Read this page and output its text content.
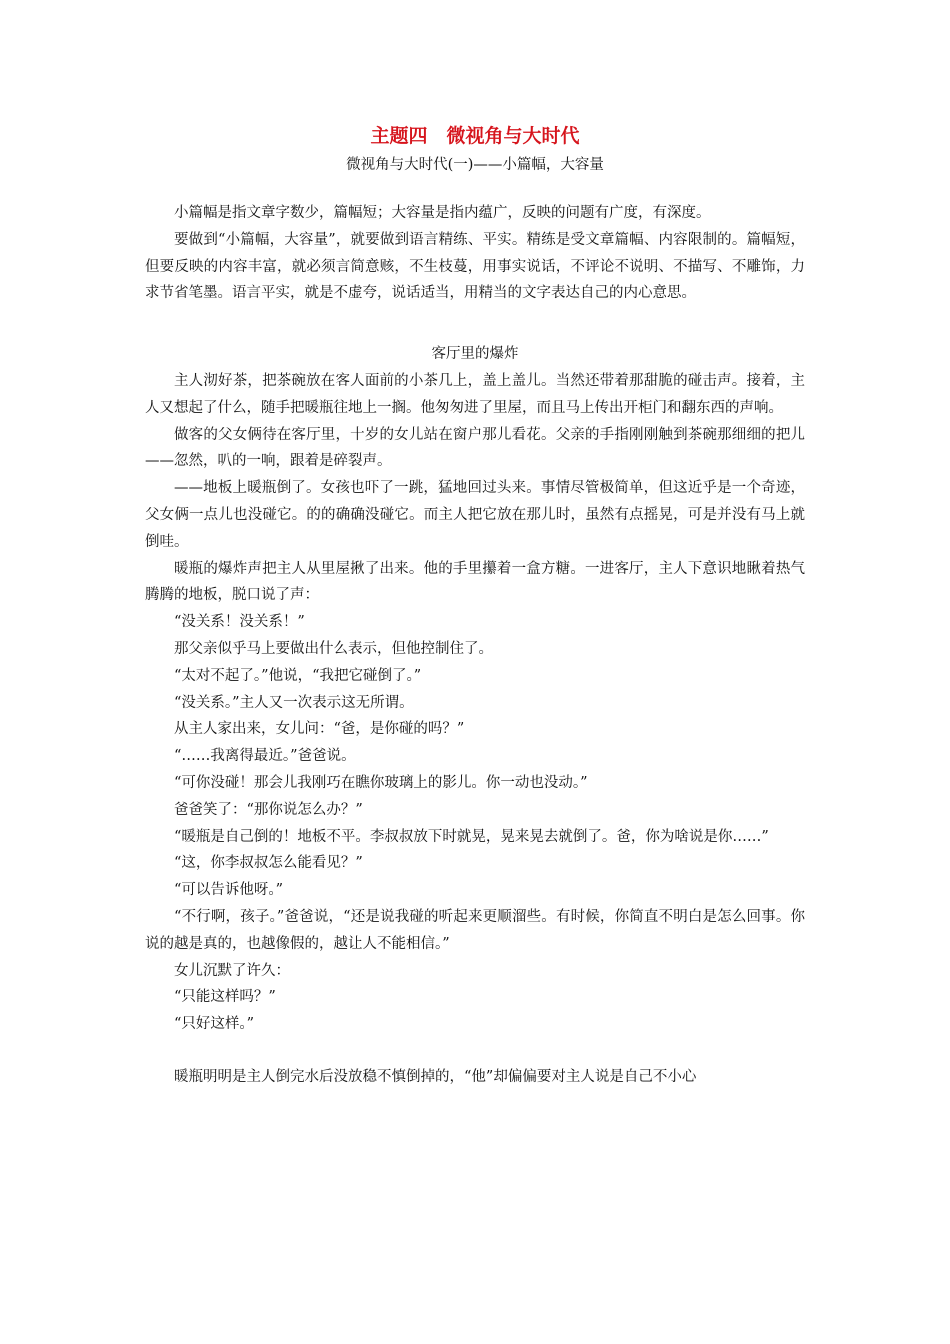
主题四　微视角与大时代
微视角与大时代(一)——小篇幅，大容量

小篇幅是指文章字数少，篇幅短；大容量是指内蕴广，反映的问题有广度，有深度。

要做到“小篇幅，大容量”，就要做到语言精练、平实。精练是受文章篇幅、内容限制的。篇幅短，但要反映的内容丰富，就必须言简意赅，不生枝蔓，用事实说话，不评论不说明、不描写、不雕饰，力求节省笔墨。语言平实，就是不虚夸，说话适当，用精当的文字表达自己的内心意思。

客厅里的爆炸

主人沏好茶，把茶碗放在客人面前的小茶几上，盖上盖儿。当然还带着那甜脆的碰击声。接着，主人又想起了什么，随手把暖瓶往地上一搁。他匆匆进了里屋，而且马上传出开柜门和翻东西的声响。

做客的父女俩待在客厅里，十岁的女儿站在窗户那儿看花。父亲的手指刚刚触到茶碗那细细的把儿——忽然，叭的一响，跟着是碎裂声。

——地板上暖瓶倒了。女孩也吓了一跳，猛地回过头来。事情尽管极简单，但这近乎是一个奇迹，父女俩一点儿也没碰它。的的确确没碰它。而主人把它放在那儿时，虽然有点摇晃，可是并没有马上就倒哇。

暖瓶的爆炸声把主人从里屋揪了出来。他的手里攥着一盒方糖。一进客厅，主人下意识地瞅着热气腾腾的地板，脱口说了声：

“没关系！没关系！”

那父亲似乎马上要做出什么表示，但他控制住了。

“太对不起了。”他说，“我把它碰倒了。”

“没关系。”主人又一次表示这无所谓。

从主人家出来，女儿问：“爸，是你碰的吗？”

“……我离得最近。”爸爸说。

“可你没碰！那会儿我刚巧在瞧你玻璃上的影儿。你一动也没动。”

爸爸笑了：“那你说怎么办？”

“暖瓶是自己倒的！地板不平。李叔叔放下时就晃，晃来晃去就倒了。爸，你为啥说是你……”

“这，你李叔叔怎么能看见？”

“可以告诉他呀。”

“不行啊，孩子。”爸爸说，“还是说我碰的听起来更顺溜些。有时候，你简直不明白是怎么回事。你说的越是真的，也越像假的，越让人不能相信。”

女儿沉默了许久：

“只能这样吗？”

“只好这样。”

暖瓶明明是主人倒完水后没放稳不慎倒掉的，“他”却偏偏要对主人说是自己不小心
